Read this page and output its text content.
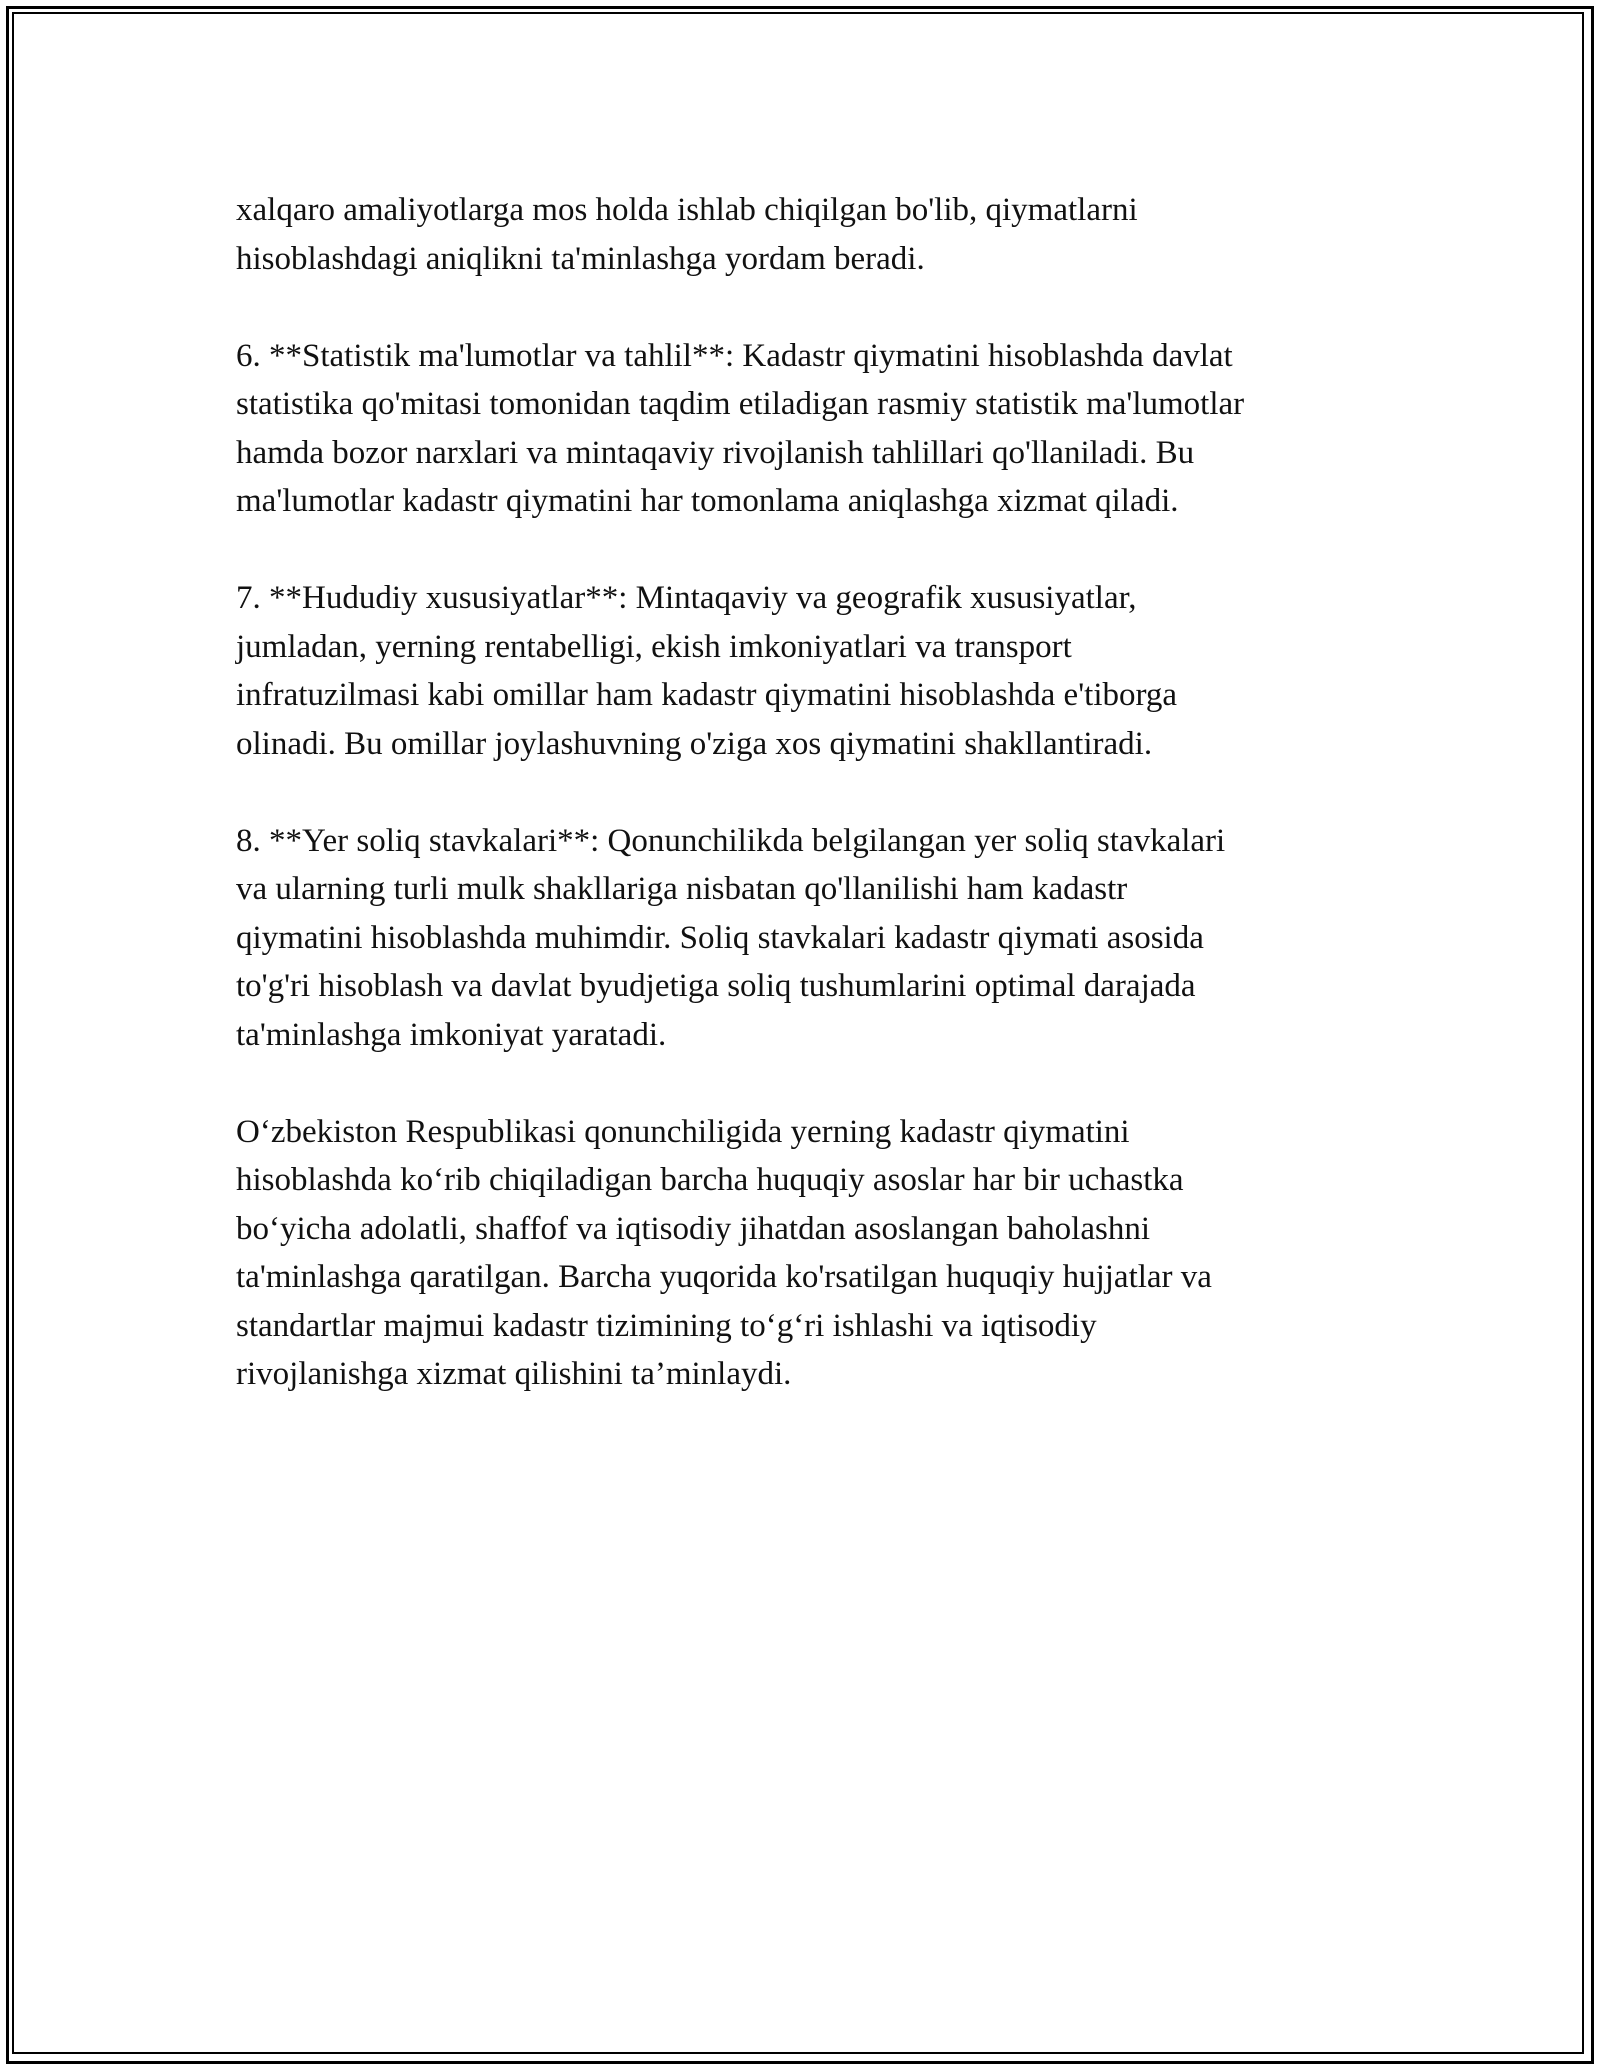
xalqaro amaliyotlarga mos holda ishlab chiqilgan bo'lib, qiymatlarni
hisoblashdagi aniqlikni ta'minlashga yordam beradi.

6. **Statistik ma'lumotlar va tahlil**: Kadastr qiymatini hisoblashda davlat
statistika qo'mitasi tomonidan taqdim etiladigan rasmiy statistik ma'lumotlar
hamda bozor narxlari va mintaqaviy rivojlanish tahlillari qo'llaniladi. Bu
ma'lumotlar kadastr qiymatini har tomonlama aniqlashga xizmat qiladi.

7. **Hududiy xususiyatlar**: Mintaqaviy va geografik xususiyatlar,
jumladan, yerning rentabelligi, ekish imkoniyatlari va transport
infratuzilmasi kabi omillar ham kadastr qiymatini hisoblashda e'tiborga
olinadi. Bu omillar joylashuvning o'ziga xos qiymatini shakllantiradi.

8. **Yer soliq stavkalari**: Qonunchilikda belgilangan yer soliq stavkalari
va ularning turli mulk shakllariga nisbatan qo'llanilishi ham kadastr
qiymatini hisoblashda muhimdir. Soliq stavkalari kadastr qiymati asosida
to'g'ri hisoblash va davlat byudjetiga soliq tushumlarini optimal darajada
ta'minlashga imkoniyat yaratadi.

O‘zbekiston Respublikasi qonunchiligida yerning kadastr qiymatini
hisoblashda ko‘rib chiqiladigan barcha huquqiy asoslar har bir uchastka
bo‘yicha adolatli, shaffof va iqtisodiy jihatdan asoslangan baholashni
ta'minlashga qaratilgan. Barcha yuqorida ko'rsatilgan huquqiy hujjatlar va
standartlar majmui kadastr tizimining to‘g‘ri ishlashi va iqtisodiy
rivojlanishga xizmat qilishini ta’minlaydi.
